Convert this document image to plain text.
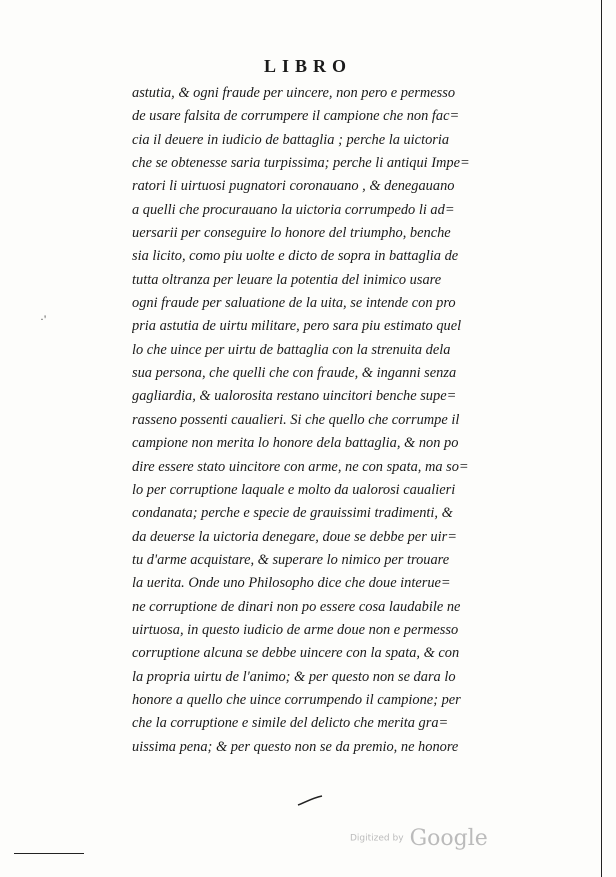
LIBRO
astutia, & ogni fraude per uincere, non pero e permesso
de usare falsita de corrumpere il campione che non fac=
cia il deuere in iudicio de battaglia ; perche la uictoria
che se obtenesse saria turpissima; perche li antiqui Impe=
ratori li uirtuosi pugnatori coronauano , & denegauano
a quelli che procurauano la uictoria corrumpedo li ad=
uersarii per conseguire lo honore del triumpho, benche
sia licito, como piu uolte e dicto de sopra in battaglia de
tutta oltranza per leuare la potentia del inimico usare
ogni fraude per saluatione de la uita, se intende con pro
pria astutia de uirtu militare, pero sara piu estimato quel
lo che uince per uirtu de battaglia con la strenuita dela
sua persona, che quelli che con fraude, & inganni senza
gagliardia, & ualorosita restano uincitori benche supe=
rasseno possenti caualieri. Si che quello che corrumpe il
campione non merita lo honore dela battaglia, & non po
dire essere stato uincitore con arme, ne con spata, ma so=
lo per corruptione laquale e molto da ualorosi caualieri
condanata; perche e specie de grauissimi tradimenti, &
da deuerse la uictoria denegare, doue se debbe per uir=
tu d'arme acquistare, & superare lo nimico per trouare
la uerita. Onde uno Philosopho dice che doue interue=
ne corruptione de dinari non po essere cosa laudabile ne
uirtuosa, in questo iudicio de arme doue non e permesso
corruptione alcuna se debbe uincere con la spata, & con
la propria uirtu de l'animo; & per questo non se dara lo
honore a quello che uince corrumpendo il campione; per
che la corruptione e simile del delicto che merita gra=
uissima pena; & per questo non se da premio, ne honore
·'
Digitized by Google
